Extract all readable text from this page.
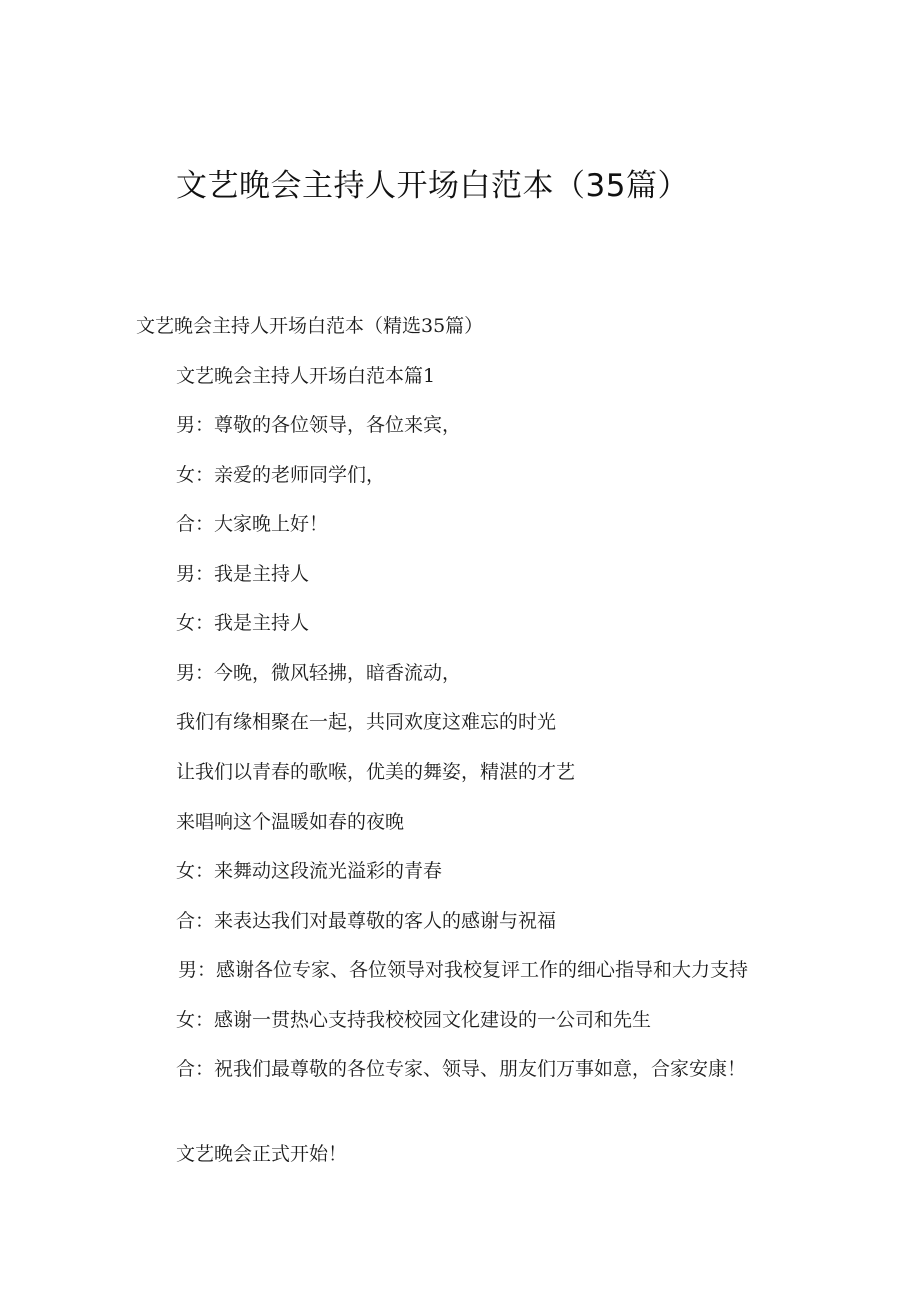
文艺晚会主持人开场白范本（35篇）
文艺晚会主持人开场白范本（精选35篇）
文艺晚会主持人开场白范本篇1
男：尊敬的各位领导，各位来宾，
女：亲爱的老师同学们，
合：大家晚上好！
男：我是主持人
女：我是主持人
男：今晚，微风轻拂，暗香流动，
我们有缘相聚在一起，共同欢度这难忘的时光
让我们以青春的歌喉，优美的舞姿，精湛的才艺
来唱响这个温暖如春的夜晚
女：来舞动这段流光溢彩的青春
合：来表达我们对最尊敬的客人的感谢与祝福
男：感谢各位专家、各位领导对我校复评工作的细心指导和大力支持
女：感谢一贯热心支持我校校园文化建设的一公司和先生
合：祝我们最尊敬的各位专家、领导、朋友们万事如意，合家安康！
文艺晚会正式开始！
